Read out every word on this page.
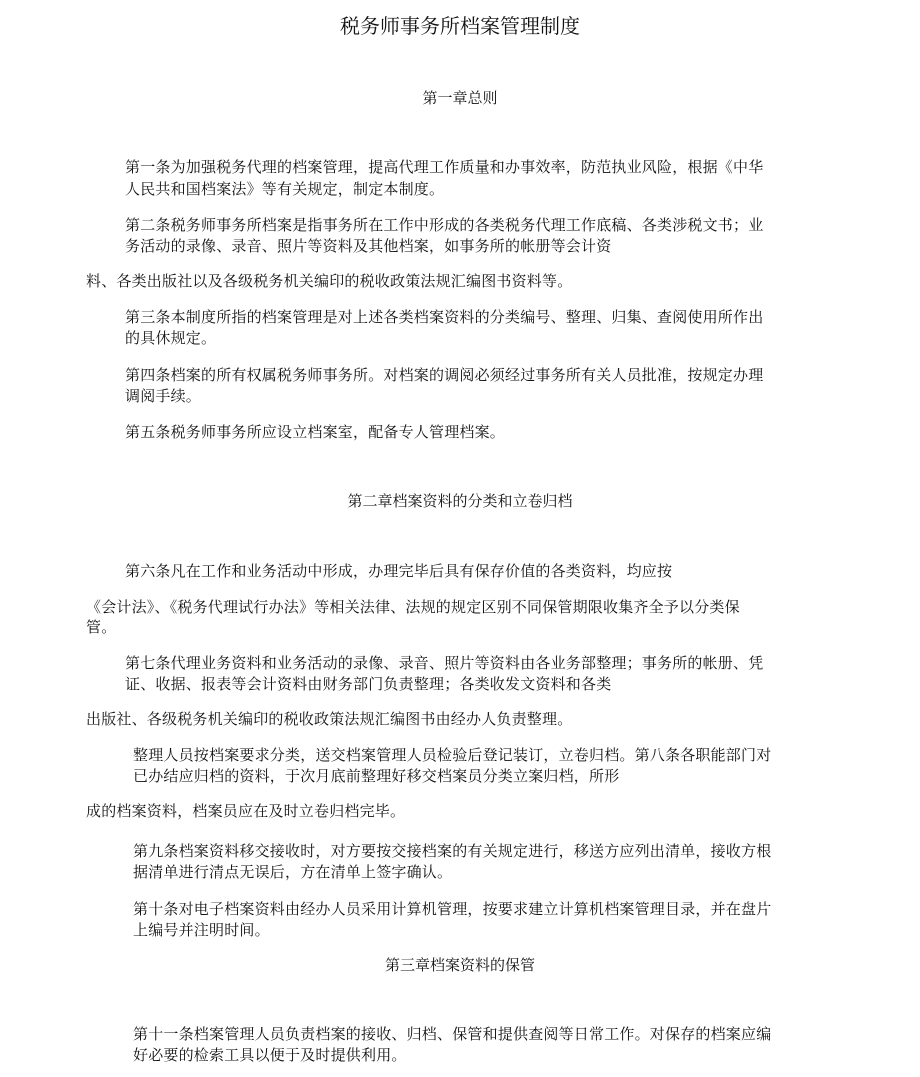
税务师事务所档案管理制度
第一章总则

第一条为加强税务代理的档案管理，提高代理工作质量和办事效率，防范执业风险，根据《中华

人民共和国档案法》等有关规定，制定本制度。

第二条税务师事务所档案是指事务所在工作中形成的各类税务代理工作底稿、各类涉税文书；业

务活动的录像、录音、照片等资料及其他档案，如事务所的帐册等会计资

料、各类出版社以及各级税务机关编印的税收政策法规汇编图书资料等。

第三条本制度所指的档案管理是对上述各类档案资料的分类编号、整理、归集、查阅使用所作出

的具休规定。

第四条档案的所有权属税务师事务所。对档案的调阅必须经过事务所有关人员批准，按规定办理

调阅手续。

第五条税务师事务所应设立档案室，配备专人管理档案。

第二章档案资料的分类和立卷归档

第六条凡在工作和业务活动中形成，办理完毕后具有保存价值的各类资料，均应按

《会计法》、《税务代理试行办法》等相关法律、法规的规定区别不同保管期限收集齐全予以分类保

管。

第七条代理业务资料和业务活动的录像、录音、照片等资料由各业务部整理；事务所的帐册、凭

证、收据、报表等会计资料由财务部门负责整理；各类收发文资料和各类

出版社、各级税务机关编印的税收政策法规汇编图书由经办人负责整理。

整理人员按档案要求分类，送交档案管理人员检验后登记装订，立卷归档。第八条各职能部门对

已办结应归档的资料，于次月底前整理好移交档案员分类立案归档，所形

成的档案资料，档案员应在及时立卷归档完毕。

第九条档案资料移交接收时，对方要按交接档案的有关规定进行，移送方应列出清单，接收方根

据清单进行清点无误后，方在清单上签字确认。

第十条对电子档案资料由经办人员采用计算机管理，按要求建立计算机档案管理目录，并在盘片

上编号并注明时间。

第三章档案资料的保管

第十一条档案管理人员负责档案的接收、归档、保管和提供查阅等日常工作。对保存的档案应编

好必要的检索工具以便于及时提供利用。
